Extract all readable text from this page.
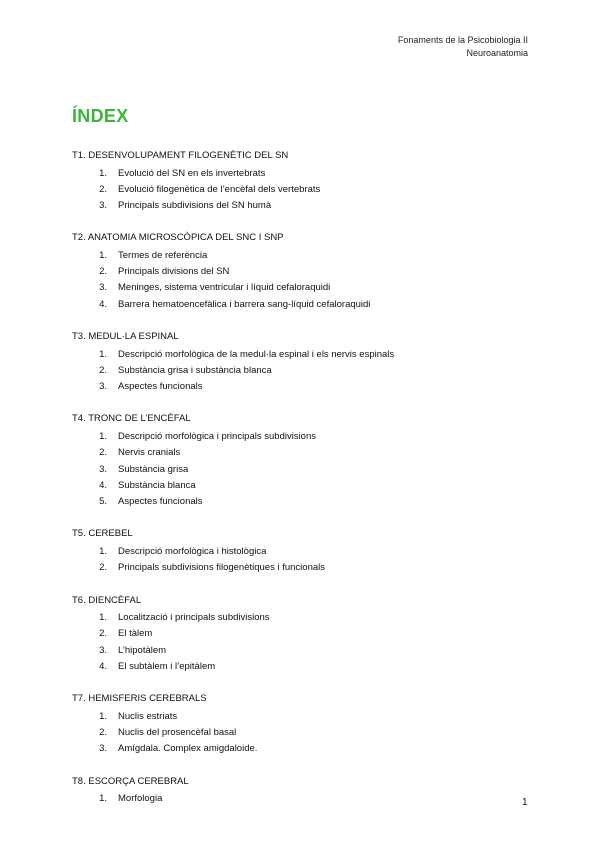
Fonaments de la Psicobiologia II
Neuroanatomia
ÍNDEX
T1. DESENVOLUPAMENT FILOGENÈTIC DEL SN
1. Evolució del SN en els invertebrats
2. Evolució filogenètica de l’encèfal dels vertebrats
3. Principals subdivisions del SN humà
T2. ANATOMIA MICROSCÒPICA DEL SNC I SNP
1. Termes de referència
2. Principals divisions del SN
3. Meninges, sistema ventricular i líquid cefaloraquidi
4. Barrera hematoencefàlica i barrera sang-líquid cefaloraquidi
T3. MEDUL·LA ESPINAL
1. Descripció morfològica de la medul·la espinal i els nervis espinals
2. Substància grisa i substància blanca
3. Aspectes funcionals
T4. TRONC DE L’ENCÈFAL
1. Descripció morfològica i principals subdivisions
2. Nervis cranials
3. Substància grisa
4. Substància blanca
5. Aspectes funcionals
T5. CEREBEL
1. Descripció morfològica i histològica
2. Principals subdivisions filogenètiques i funcionals
T6. DIENCÈFAL
1. Localització i principals subdivisions
2. El tàlem
3. L’hipotàlem
4. El subtàlem i l’epitàlem
T7. HEMISFERIS CEREBRALS
1. Nuclis estriats
2. Nuclis del prosencèfal basal
3. Amígdala. Complex amigdaloide.
T8. ESCORÇA CEREBRAL
1. Morfologia	1
